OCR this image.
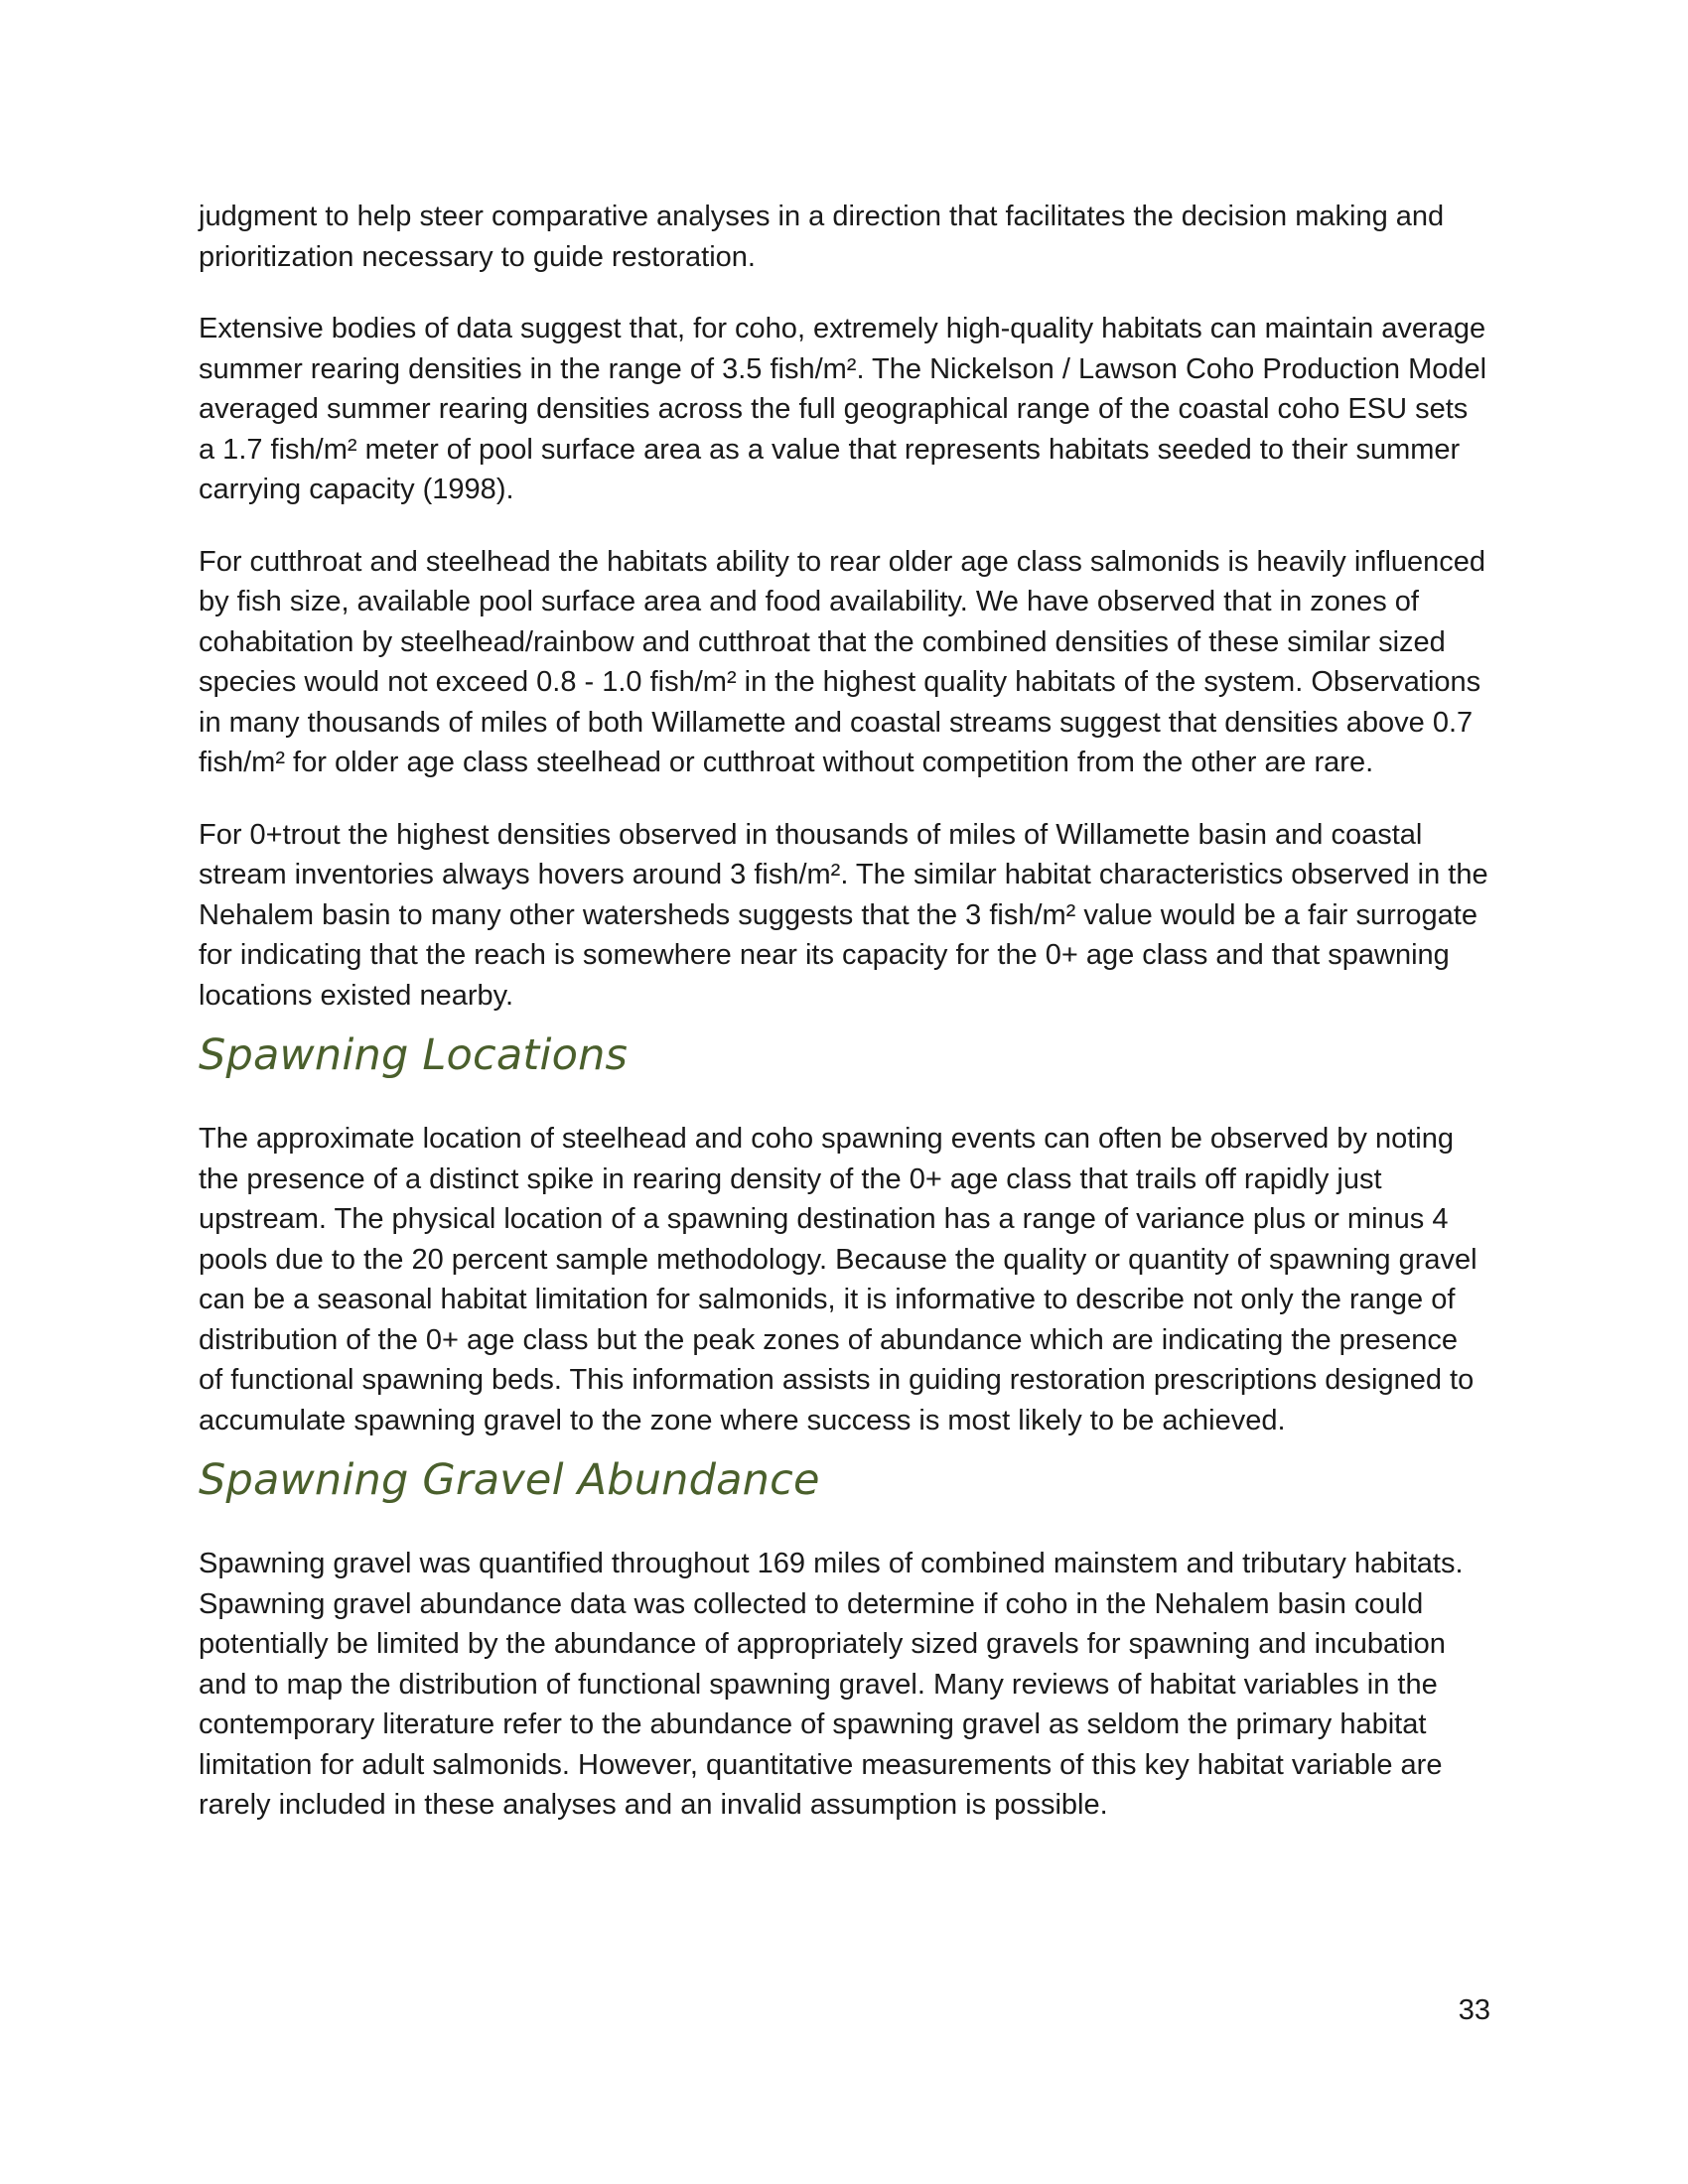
judgment to help steer comparative analyses in a direction that facilitates the decision making and prioritization necessary to guide restoration.

Extensive bodies of data suggest that, for coho, extremely high-quality habitats can maintain average summer rearing densities in the range of 3.5 fish/m². The Nickelson / Lawson Coho Production Model averaged summer rearing densities across the full geographical range of the coastal coho ESU sets a 1.7 fish/m² meter of pool surface area as a value that represents habitats seeded to their summer carrying capacity (1998).

For cutthroat and steelhead the habitats ability to rear older age class salmonids is heavily influenced by fish size, available pool surface area and food availability. We have observed that in zones of cohabitation by steelhead/rainbow and cutthroat that the combined densities of these similar sized species would not exceed 0.8 - 1.0 fish/m² in the highest quality habitats of the system. Observations in many thousands of miles of both Willamette and coastal streams suggest that densities above 0.7 fish/m² for older age class steelhead or cutthroat without competition from the other are rare.

For 0+trout the highest densities observed in thousands of miles of Willamette basin and coastal stream inventories always hovers around 3 fish/m². The similar habitat characteristics observed in the Nehalem basin to many other watersheds suggests that the 3 fish/m² value would be a fair surrogate for indicating that the reach is somewhere near its capacity for the 0+ age class and that spawning locations existed nearby.

Spawning Locations

The approximate location of steelhead and coho spawning events can often be observed by noting the presence of a distinct spike in rearing density of the 0+ age class that trails off rapidly just upstream. The physical location of a spawning destination has a range of variance plus or minus 4 pools due to the 20 percent sample methodology. Because the quality or quantity of spawning gravel can be a seasonal habitat limitation for salmonids, it is informative to describe not only the range of distribution of the 0+ age class but the peak zones of abundance which are indicating the presence of functional spawning beds. This information assists in guiding restoration prescriptions designed to accumulate spawning gravel to the zone where success is most likely to be achieved.

Spawning Gravel Abundance

Spawning gravel was quantified throughout 169 miles of combined mainstem and tributary habitats. Spawning gravel abundance data was collected to determine if coho in the Nehalem basin could potentially be limited by the abundance of appropriately sized gravels for spawning and incubation and to map the distribution of functional spawning gravel. Many reviews of habitat variables in the contemporary literature refer to the abundance of spawning gravel as seldom the primary habitat limitation for adult salmonids. However, quantitative measurements of this key habitat variable are rarely included in these analyses and an invalid assumption is possible.

33
